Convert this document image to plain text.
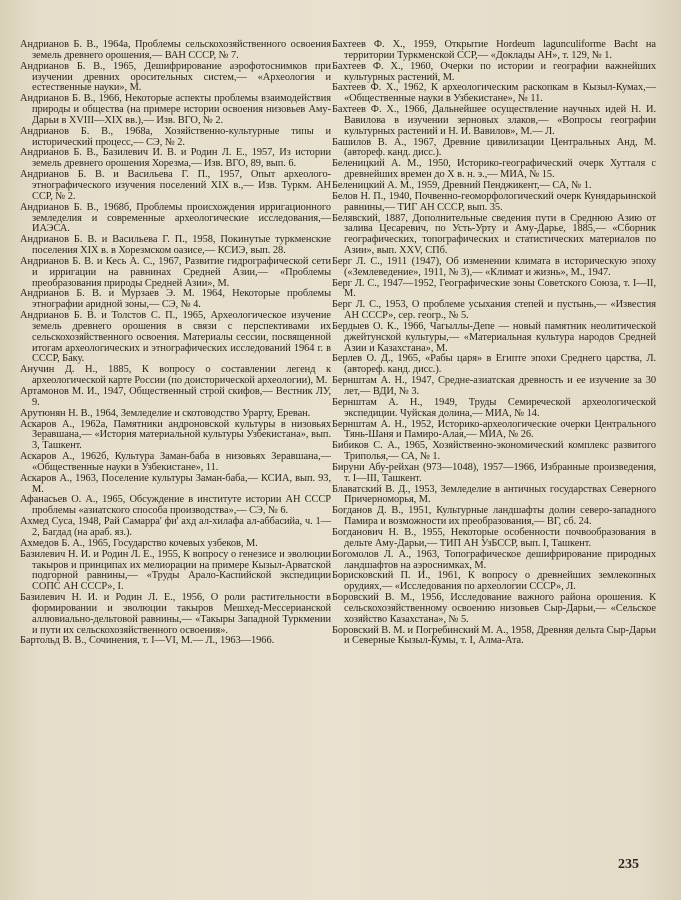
Андрианов Б. В., 1964а, Проблемы сельскохозяйственного освоения земель древнего орошения,— ВАН СССР, № 7.

Андрианов Б. В., 1965, Дешифрирование аэрофотоснимков при изучении древних оросительных систем,— «Археология и естественные науки», М.

Андрианов Б. В., 1966, Некоторые аспекты проблемы взаимодействия природы и общества (на примере истории освоения низовьев Аму-Дарьи в XVIII—XIX вв.),— Изв. ВГО, № 2.

Андрианов Б. В., 1968а, Хозяйственно-культурные типы и исторический процесс,— СЭ, № 2.

Андрианов Б. В., Базилевич И. В. и Родин Л. Е., 1957, Из истории земель древнего орошения Хорезма,— Изв. ВГО, 89, вып. 6.

Андрианов Б. В. и Васильева Г. П., 1957, Опыт археолого-этнографического изучения поселений XIX в.,— Изв. Туркм. АН ССР, № 2.

Андрианов Б. В., 1968б, Проблемы происхождения ирригационного земледелия и современные археологические исследования,— ИАЭСА.

Андрианов Б. В. и Васильева Г. П., 1958, Покинутые туркменские поселения XIX в. в Хорезмском оазисе,— КСИЭ, вып. 28.

Андрианов Б. В. и Кесь А. С., 1967, Развитие гидрографической сети и ирригации на равнинах Средней Азии,— «Проблемы преобразования природы Средней Азии», М.

Андрианов Б. В. и Мурзаев Э. М. 1964, Некоторые проблемы этнографии аридной зоны,— СЭ, № 4.

Андрианов Б. В. и Толстов С. П., 1965, Археологическое изучение земель древнего орошения в связи с перспективами их сельскохозяйственного освоения. Материалы сессии, посвященной итогам археологических и этнографических исследований 1964 г. в СССР, Баку.

Анучин Д. Н., 1885, К вопросу о составлении легенд к археологической карте России (по доисторической археологии), М.

Артамонов М. И., 1947, Общественный строй скифов,— Вестник ЛУ, 9.

Арутюнян Н. В., 1964, Земледелие и скотоводство Урарту, Ереван.

Аскаров А., 1962а, Памятники андроновской культуры в низовьях Зеравшана,— «История материальной культуры Узбекистана», вып. 3, Ташкент.

Аскаров А., 1962б, Культура Заман-баба в низовьях Зеравшана,— «Общественные науки в Узбекистане», 11.

Аскаров А., 1963, Поселение культуры Заман-баба,— КСИА, вып. 93, М.

Афанасьев О. А., 1965, Обсуждение в институте истории АН СССР проблемы «азиатского способа производства»,— СЭ, № 6.

Ахмед Суса, 1948, Рай Самарра' фи' ахд ал-хилафа ал-аббасийа, ч. 1—2, Багдад (на араб. яз.).

Ахмедов Б. А., 1965, Государство кочевых узбеков, М.

Базилевич Н. И. и Родин Л. Е., 1955, К вопросу о генезисе и эволюции такыров и принципах их мелиорации на примере Кызыл-Арватской подгорной равнины,— «Труды Арало-Каспийской экспедиции СОПС АН СССР», I.

Базилевич Н. И. и Родин Л. Е., 1956, О роли растительности в формировании и эволюции такыров Мешхед-Мессерианской аллювиально-дельтовой равнины,— «Такыры Западной Туркмении и пути их сельскохозяйственного освоения».

Бартольд В. В., Сочинения, т. I—VI, М.— Л., 1963—1966.

Бахтеев Ф. Х., 1959, Открытие Hordeum lagunculiforme Bacht на территории Туркменской ССР,— «Доклады АН», т. 129, № 1.

Бахтеев Ф. Х., 1960, Очерки по истории и географии важнейших культурных растений, М.

Бахтеев Ф. Х., 1962, К археологическим раскопкам в Кызыл-Кумах,— «Общественные науки в Узбекистане», № 11.

Бахтеев Ф. Х., 1966, Дальнейшее осуществление научных идей Н. И. Вавилова в изучении зерновых злаков,— «Вопросы географии культурных растений и Н. И. Вавилов», М.— Л.

Башилов В. А., 1967, Древние цивилизации Центральных Анд, М. (автореф. канд. дисс.).

Беленицкий А. М., 1950, Историко-географический очерк Хутталя с древнейших времен до X в. н. э.,— МИА, № 15.

Беленицкий А. М., 1959, Древний Пенджикент,— СА, № 1.

Белов Н. П., 1940, Почвенно-геоморфологический очерк Кунядарьинской равнины,— ТИГ АН СССР, вып. 35.

Белявский, 1887, Дополнительные сведения пути в Среднюю Азию от залива Цесаревич, по Усть-Урту и Аму-Дарье, 1885,— «Сборник географических, топографических и статистических материалов по Азии», вып. XXV, СПб.

Берг Л. С., 1911 (1947), Об изменении климата в историческую эпоху («Землеведение», 1911, № 3),— «Климат и жизнь», М., 1947.

Берг Л. С., 1947—1952, Географические зоны Советского Союза, т. I—II, М.

Берг Л. С., 1953, О проблеме усыхания степей и пустынь,— «Известия АН СССР», сер. геогр., № 5.

Бердыев О. К., 1966, Чагыллы-Депе — новый памятник неолитической джейтунской культуры,— «Материальная культура народов Средней Азии и Казахстана», М.

Берлев О. Д., 1965, «Рабы царя» в Египте эпохи Среднего царства, Л. (автореф. канд. дисс.).

Бернштам А. Н., 1947, Средне-азиатская древность и ее изучение за 30 лет,— ВДИ, № 3.

Бернштам А. Н., 1949, Труды Семиреческой археологической экспедиции. Чуйская долина,— МИА, № 14.

Бернштам А. Н., 1952, Историко-археологические очерки Центрального Тянь-Шаня и Памиро-Алая,— МИА, № 26.

Бибиков С. А., 1965, Хозяйственно-экономический комплекс развитого Триполья,— СА, № 1.

Бируни Абу-рейхан (973—1048), 1957—1966, Избранные произведения, т. I—III, Ташкент.

Блаватский В. Д., 1953, Земледелие в античных государствах Северного Причерноморья, М.

Богданов Д. В., 1951, Культурные ландшафты долин северо-западного Памира и возможности их преобразования,— ВГ, сб. 24.

Богданович Н. В., 1955, Некоторые особенности почвообразования в дельте Аму-Дарьи,— ТИП АН УзБССР, вып. I, Ташкент.

Богомолов Л. А., 1963, Топографическое дешифрирование природных ландшафтов на аэроснимках, М.

Борисковский П. И., 1961, К вопросу о древнейших землекопных орудиях,— «Исследования по археологии СССР», Л.

Боровский В. М., 1956, Исследование важного района орошения. К сельскохозяйственному освоению низовьев Сыр-Дарьи,— «Сельское хозяйство Казахстана», № 5.

Боровский В. М. и Погребинский М. А., 1958, Древняя дельта Сыр-Дарьи и Северные Кызыл-Кумы, т. I, Алма-Ата.

235
